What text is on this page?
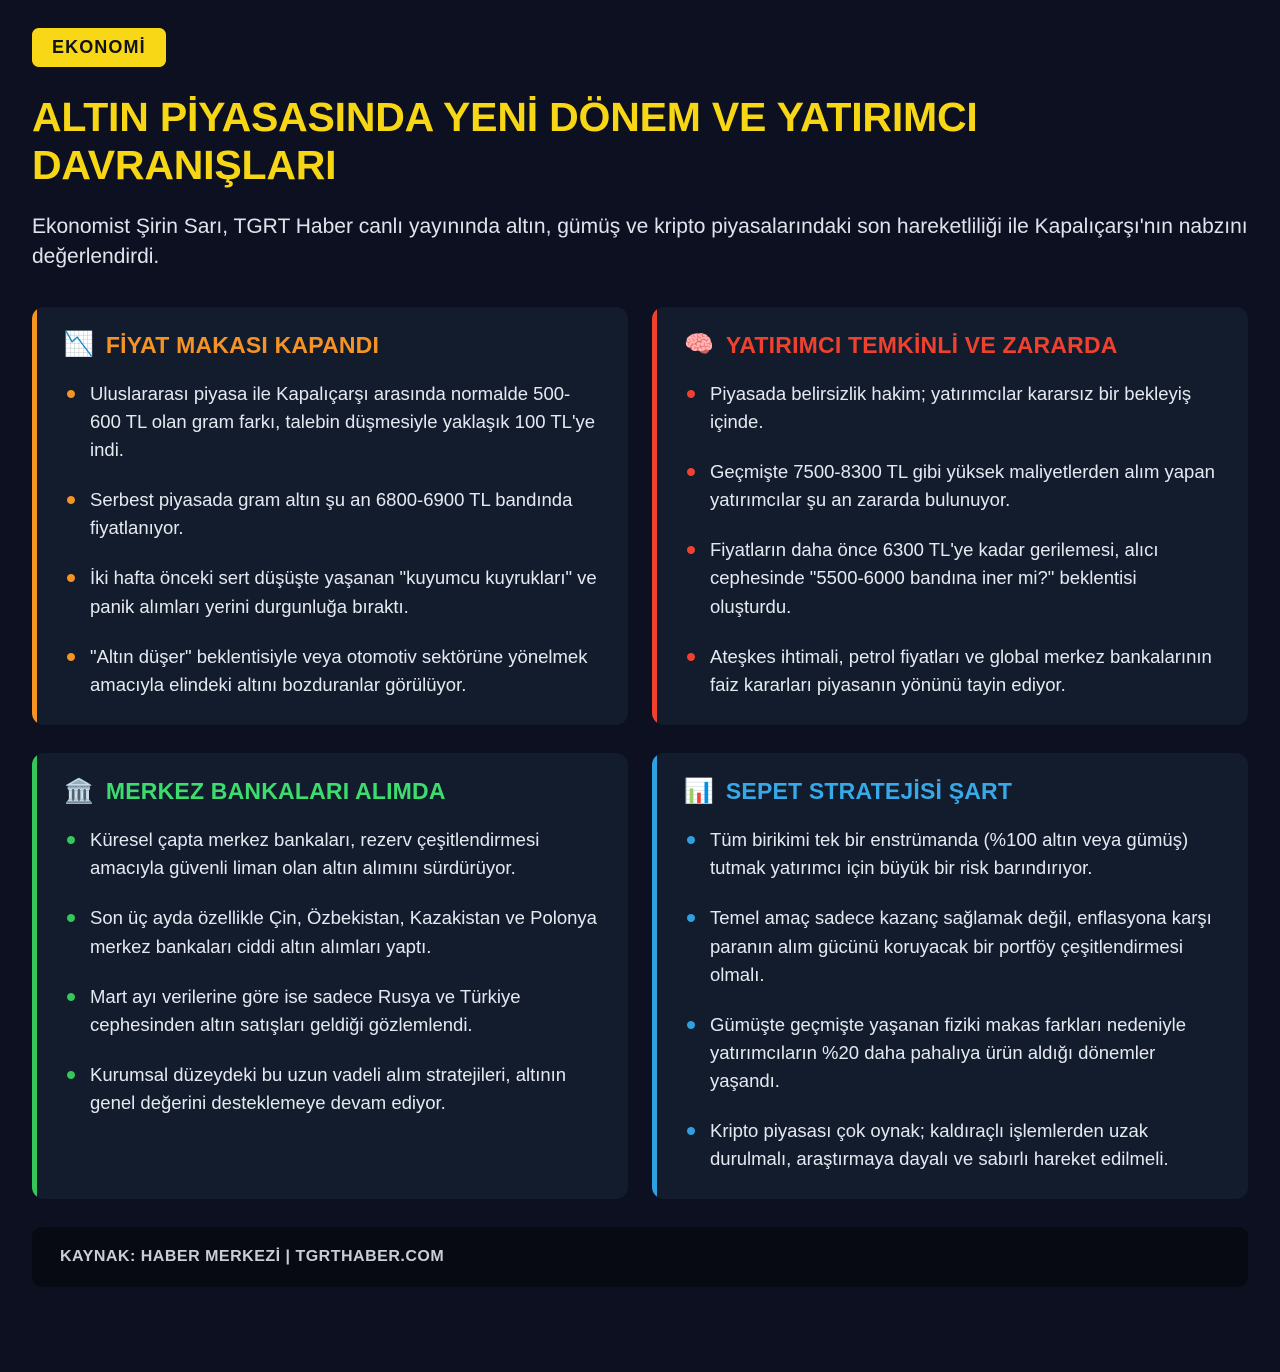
EKONOMİ
ALTIN PİYASASINDA YENİ DÖNEM VE YATIRIMCI DAVRANIŞLARI

Ekonomist Şirin Sarı, TGRT Haber canlı yayınında altın, gümüş ve kripto piyasalarındaki son hareketliliği ile Kapalıçarşı'nın nabzını değerlendirdi.

📉 FİYAT MAKASI KAPANDI
Uluslararası piyasa ile Kapalıçarşı arasında normalde 500-600 TL olan gram farkı, talebin düşmesiyle yaklaşık 100 TL'ye indi.
Serbest piyasada gram altın şu an 6800-6900 TL bandında fiyatlanıyor.
İki hafta önceki sert düşüşte yaşanan "kuyumcu kuyrukları" ve panik alımları yerini durgunluğa bıraktı.
"Altın düşer" beklentisiyle veya otomotiv sektörüne yönelmek amacıyla elindeki altını bozduranlar görülüyor.
🧠 YATIRIMCI TEMKİNLİ VE ZARARDA
Piyasada belirsizlik hakim; yatırımcılar kararsız bir bekleyiş içinde.
Geçmişte 7500-8300 TL gibi yüksek maliyetlerden alım yapan yatırımcılar şu an zararda bulunuyor.
Fiyatların daha önce 6300 TL'ye kadar gerilemesi, alıcı cephesinde "5500-6000 bandına iner mi?" beklentisi oluşturdu.
Ateşkes ihtimali, petrol fiyatları ve global merkez bankalarının faiz kararları piyasanın yönünü tayin ediyor.
🏛️ MERKEZ BANKALARI ALIMDA
Küresel çapta merkez bankaları, rezerv çeşitlendirmesi amacıyla güvenli liman olan altın alımını sürdürüyor.
Son üç ayda özellikle Çin, Özbekistan, Kazakistan ve Polonya merkez bankaları ciddi altın alımları yaptı.
Mart ayı verilerine göre ise sadece Rusya ve Türkiye cephesinden altın satışları geldiği gözlemlendi.
Kurumsal düzeydeki bu uzun vadeli alım stratejileri, altının genel değerini desteklemeye devam ediyor.
📊 SEPET STRATEJİSİ ŞART
Tüm birikimi tek bir enstrümanda (%100 altın veya gümüş) tutmak yatırımcı için büyük bir risk barındırıyor.
Temel amaç sadece kazanç sağlamak değil, enflasyona karşı paranın alım gücünü koruyacak bir portföy çeşitlendirmesi olmalı.
Gümüşte geçmişte yaşanan fiziki makas farkları nedeniyle yatırımcıların %20 daha pahalıya ürün aldığı dönemler yaşandı.
Kripto piyasası çok oynak; kaldıraçlı işlemlerden uzak durulmalı, araştırmaya dayalı ve sabırlı hareket edilmeli.
KAYNAK: HABER MERKEZİ | TGRTHABER.COM
